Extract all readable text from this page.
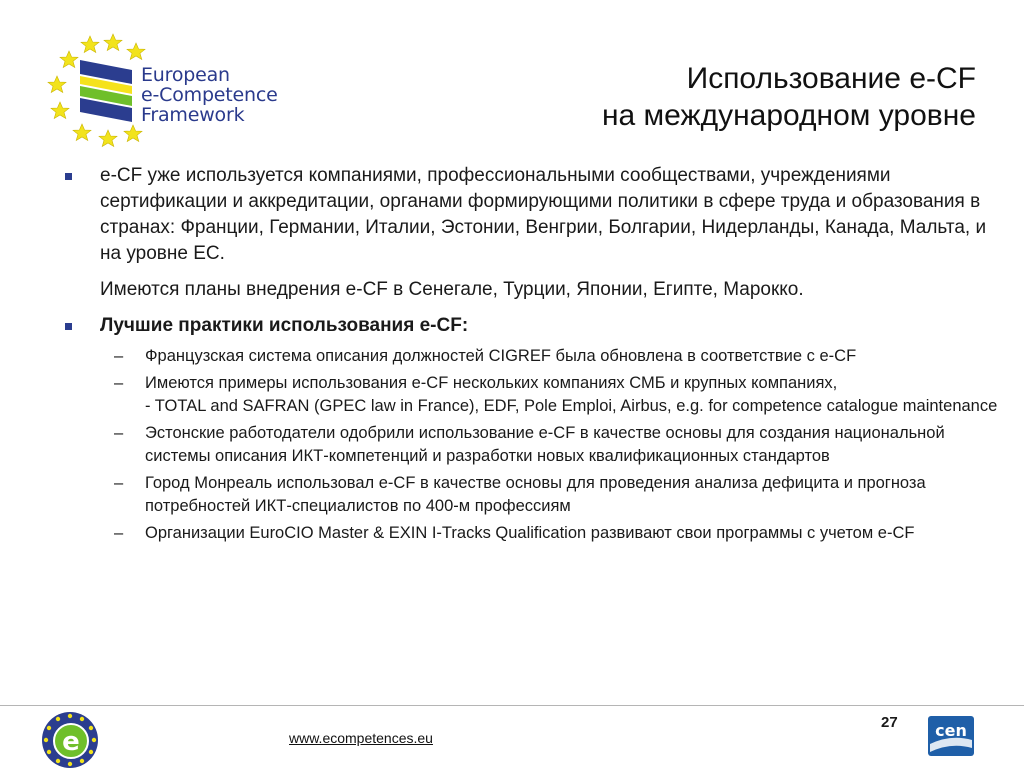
European
e-Competence
Framework
Использование e-CF
на международном уровне
e-CF уже используется компаниями, профессиональными сообществами, учреждениями сертификации и аккредитации, органами формирующими политики в сфере труда и образования в странах: Франции, Германии, Италии, Эстонии, Венгрии, Болгарии, Нидерланды, Канада, Мальта, и на уровне ЕС.
Имеются планы внедрения e-CF в Сенегале, Турции, Японии, Египте, Марокко.
Лучшие практики использования e-CF:
– Французская система описания должностей CIGREF была обновлена в соответствие с e-CF
– Имеются примеры использования e-CF нескольких компаниях СМБ и крупных компаниях,
- TOTAL and SAFRAN (GPEC law in France), EDF, Pole Emploi, Airbus, e.g. for competence catalogue maintenance
– Эстонские работодатели одобрили использование e-CF в качестве основы для создания национальной системы описания ИКТ-компетенций и разработки новых квалификационных стандартов
– Город Монреаль использовал e-CF в качестве основы для проведения анализа дефицита и прогноза потребностей ИКТ-специалистов по 400-м профессиям
– Организации EuroCIO Master & EXIN I-Tracks Qualification развивают свои программы с учетом e-CF
e	www.ecompetences.eu
27 cen
